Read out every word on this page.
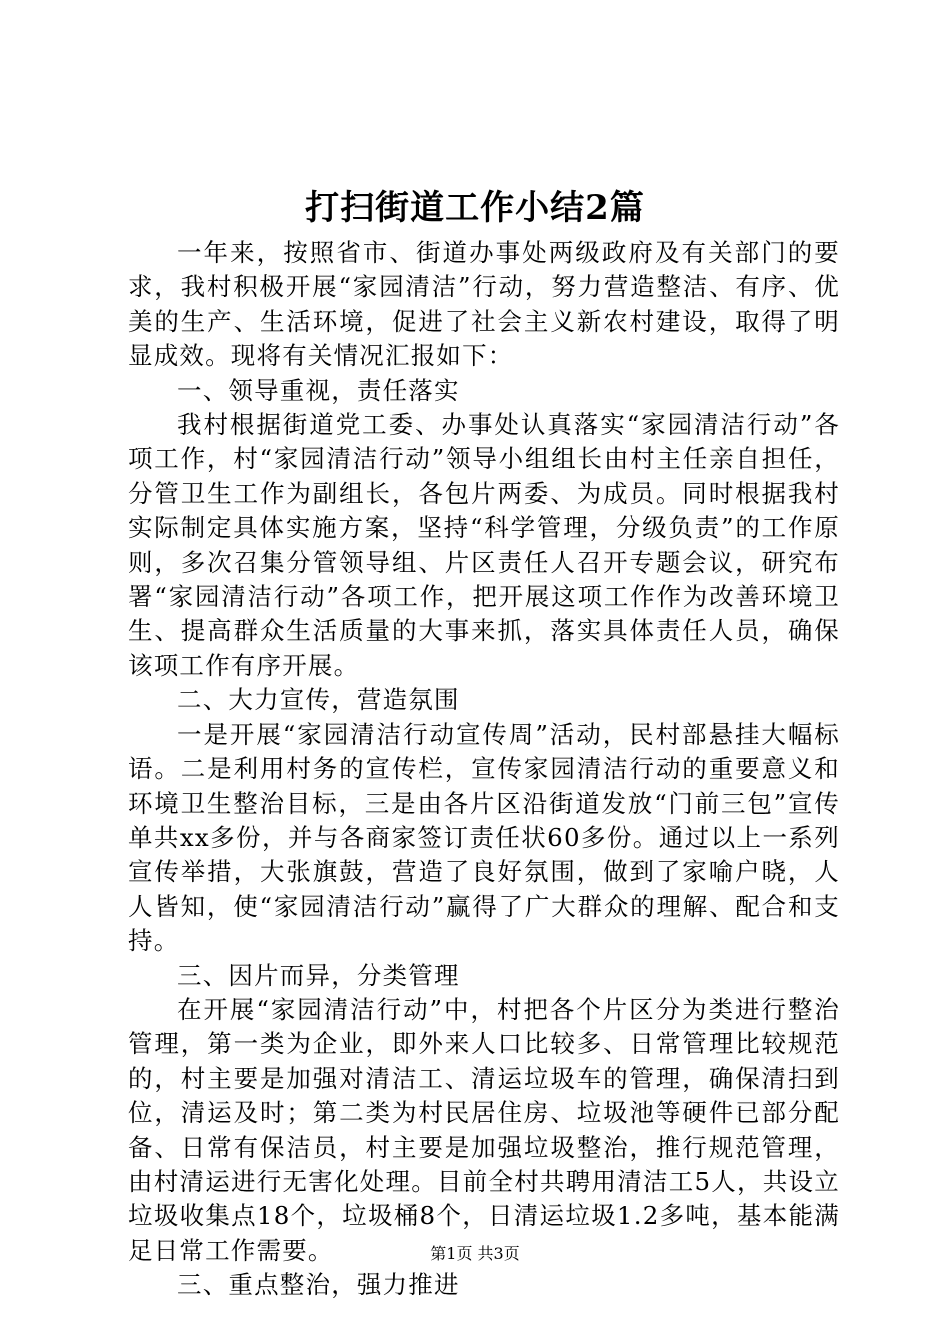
打扫街道工作小结2篇

一年来，按照省市、街道办事处两级政府及有关部门的要求，我村积极开展“家园清洁”行动，努力营造整洁、有序、优美的生产、生活环境，促进了社会主义新农村建设，取得了明显成效。现将有关情况汇报如下：

一、领导重视，责任落实

我村根据街道党工委、办事处认真落实“家园清洁行动”各项工作，村“家园清洁行动”领导小组组长由村主任亲自担任，分管卫生工作为副组长，各包片两委、为成员。同时根据我村实际制定具体实施方案，坚持“科学管理，分级负责”的工作原则，多次召集分管领导组、片区责任人召开专题会议，研究布署“家园清洁行动”各项工作，把开展这项工作作为改善环境卫生、提高群众生活质量的大事来抓，落实具体责任人员，确保该项工作有序开展。

二、大力宣传，营造氛围

一是开展“家园清洁行动宣传周”活动，民村部悬挂大幅标语。二是利用村务的宣传栏，宣传家园清洁行动的重要意义和环境卫生整治目标，三是由各片区沿街道发放“门前三包”宣传单共xx多份，并与各商家签订责任状60多份。通过以上一系列宣传举措，大张旗鼓，营造了良好氛围，做到了家喻户晓，人人皆知，使“家园清洁行动”赢得了广大群众的理解、配合和支持。

三、因片而异，分类管理

在开展“家园清洁行动”中，村把各个片区分为类进行整治管理，第一类为企业，即外来人口比较多、日常管理比较规范的，村主要是加强对清洁工、清运垃圾车的管理，确保清扫到位，清运及时；第二类为村民居住房、垃圾池等硬件已部分配备、日常有保洁员，村主要是加强垃圾整治，推行规范管理，由村清运进行无害化处理。目前全村共聘用清洁工5人，共设立垃圾收集点18个，垃圾桶8个，日清运垃圾1.2多吨，基本能满足日常工作需要。

三、重点整治，强力推进

第1页 共3页
